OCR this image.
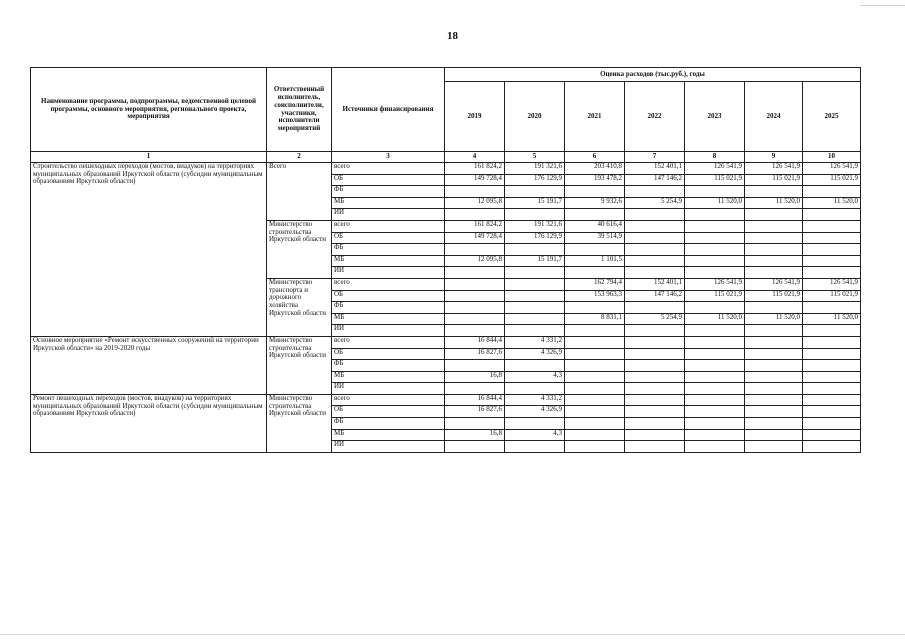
18
Наименование программы, подпрограммы, ведомственной целевой программы, основного мероприятия, регионального проекта, мероприятия	Ответственный исполнитель, соисполнители, участники, исполнители мероприятий	Источники финансирования	Оценка расходов (тыс.руб.), годы						
			2019	2020	2021	2022	2023	2024	2025
1	2	3	4	5	6	7	8	9	10
Строительство пешеходных переходов (мостов, виадуков) на территориях муниципальных образований Иркутской области (субсидии муниципальным образованиям Иркутской области)	Всего	всего	161 824,2	191 321,6	203 410,8	152 401,1	126 541,9	126 541,9	126 541,9
		ОБ	149 728,4	176 129,9	193 478,2	147 146,2	115 021,9	115 021,9	115 021,9
		ФБ							
		МБ	12 095,8	15 191,7	9 932,6	5 254,9	11 520,0	11 520,0	11 520,0
		ИИ							
	Министерство строительства Иркутской области	всего	161 824,2	191 321,6	40 616,4				
		ОБ	149 728,4	176 129,9	39 514,9				
		ФБ							
		МБ	12 095,8	15 191,7	1 101,5				
		ИИ							
	Министерство транспорта и дорожного хозяйства Иркутской области	всего			162 794,4	152 401,1	126 541,9	126 541,9	126 541,9
		ОБ			153 963,3	147 146,2	115 021,9	115 021,9	115 021,9
		ФБ							
		МБ			8 831,1	5 254,9	11 520,0	11 520,0	11 520,0
		ИИ							
Основное мероприятие «Ремонт искусственных сооружений на территории Иркутской области» на 2019-2020 годы	Министерство строительства Иркутской области	всего	16 844,4	4 331,2					
		ОБ	16 827,6	4 326,9					
		ФБ							
		МБ	16,8	4,3					
		ИИ							
Ремонт пешеходных переходов (мостов, виадуков) на территориях муниципальных образований Иркутской области (субсидии муниципальным образованиям Иркутской области)	Министерство строительства Иркутской области	всего	16 844,4	4 331,2					
		ОБ	16 827,6	4 326,9					
		ФБ							
		МБ	16,8	4,3					
		ИИ							
